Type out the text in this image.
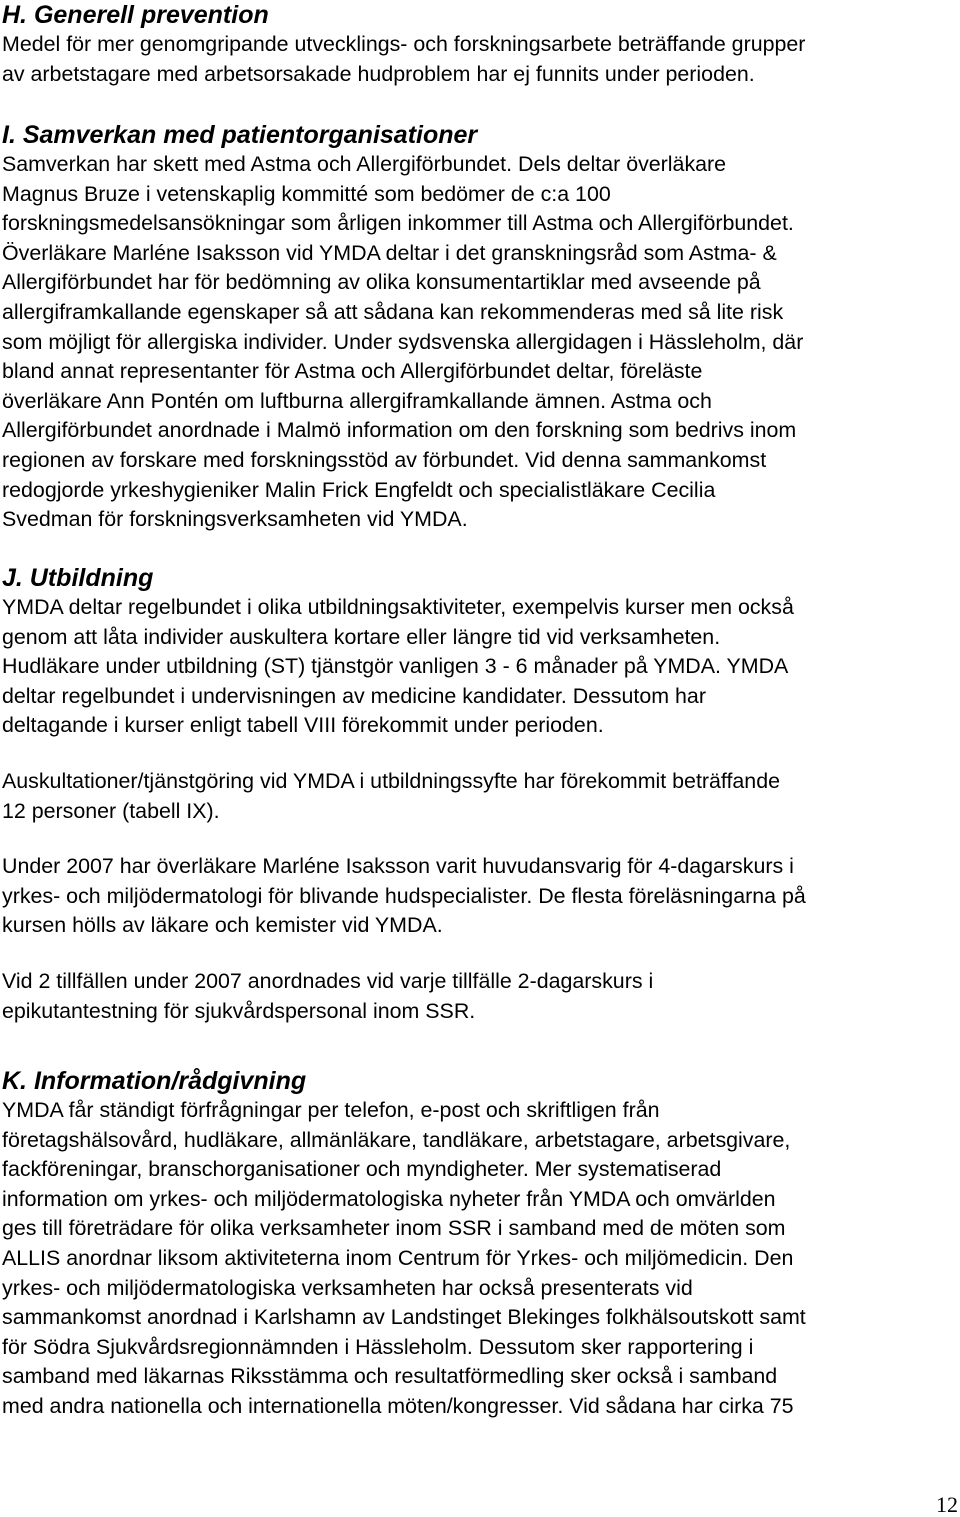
H. Generell prevention

Medel för mer genomgripande utvecklings- och forskningsarbete beträffande grupper
av arbetstagare med arbetsorsakade hudproblem har ej funnits under perioden.

I. Samverkan med patientorganisationer

Samverkan har skett med Astma och Allergiförbundet. Dels deltar överläkare
Magnus Bruze i vetenskaplig kommitté som bedömer de c:a 100
forskningsmedelsansökningar som årligen inkommer till Astma och Allergiförbundet.
Överläkare Marléne Isaksson vid YMDA deltar i det granskningsråd som Astma- &
Allergiförbundet har för bedömning av olika konsumentartiklar med avseende på
allergiframkallande egenskaper så att sådana kan rekommenderas med så lite risk
som möjligt för allergiska individer. Under sydsvenska allergidagen i Hässleholm, där
bland annat representanter för Astma och Allergiförbundet deltar, föreläste
överläkare Ann Pontén om luftburna allergiframkallande ämnen. Astma och
Allergiförbundet anordnade i Malmö information om den forskning som bedrivs inom
regionen av forskare med forskningsstöd av förbundet. Vid denna sammankomst
redogjorde yrkeshygieniker Malin Frick Engfeldt och specialistläkare Cecilia
Svedman för forskningsverksamheten vid YMDA.

J. Utbildning

YMDA deltar regelbundet i olika utbildningsaktiviteter, exempelvis kurser men också
genom att låta individer auskultera kortare eller längre tid vid verksamheten.
Hudläkare under utbildning (ST) tjänstgör vanligen 3 - 6 månader på YMDA. YMDA
deltar regelbundet i undervisningen av medicine kandidater. Dessutom har
deltagande i kurser enligt tabell VIII förekommit under perioden.

Auskultationer/tjänstgöring vid YMDA i utbildningssyfte har förekommit beträffande
12 personer (tabell IX).

Under 2007 har överläkare Marléne Isaksson varit huvudansvarig för 4-dagarskurs i
yrkes- och miljödermatologi för blivande hudspecialister. De flesta föreläsningarna på
kursen hölls av läkare och kemister vid YMDA.

Vid 2 tillfällen under 2007 anordnades vid varje tillfälle 2-dagarskurs i
epikutantestning för sjukvårdspersonal inom SSR.

K. Information/rådgivning

YMDA får ständigt förfrågningar per telefon, e-post och skriftligen från
företagshälsovård, hudläkare, allmänläkare, tandläkare, arbetstagare, arbetsgivare,
fackföreningar, branschorganisationer och myndigheter. Mer systematiserad
information om yrkes- och miljödermatologiska nyheter från YMDA och omvärlden
ges till företrädare för olika verksamheter inom SSR i samband med de möten som
ALLIS anordnar liksom aktiviteterna inom Centrum för Yrkes- och miljömedicin. Den
yrkes- och miljödermatologiska verksamheten har också presenterats vid
sammankomst anordnad i Karlshamn av Landstinget Blekinges folkhälsoutskott samt
för Södra Sjukvårdsregionnämnden i Hässleholm. Dessutom sker rapportering i
samband med läkarnas Riksstämma och resultatförmedling sker också i samband
med andra nationella och internationella möten/kongresser. Vid sådana har cirka 75

12
